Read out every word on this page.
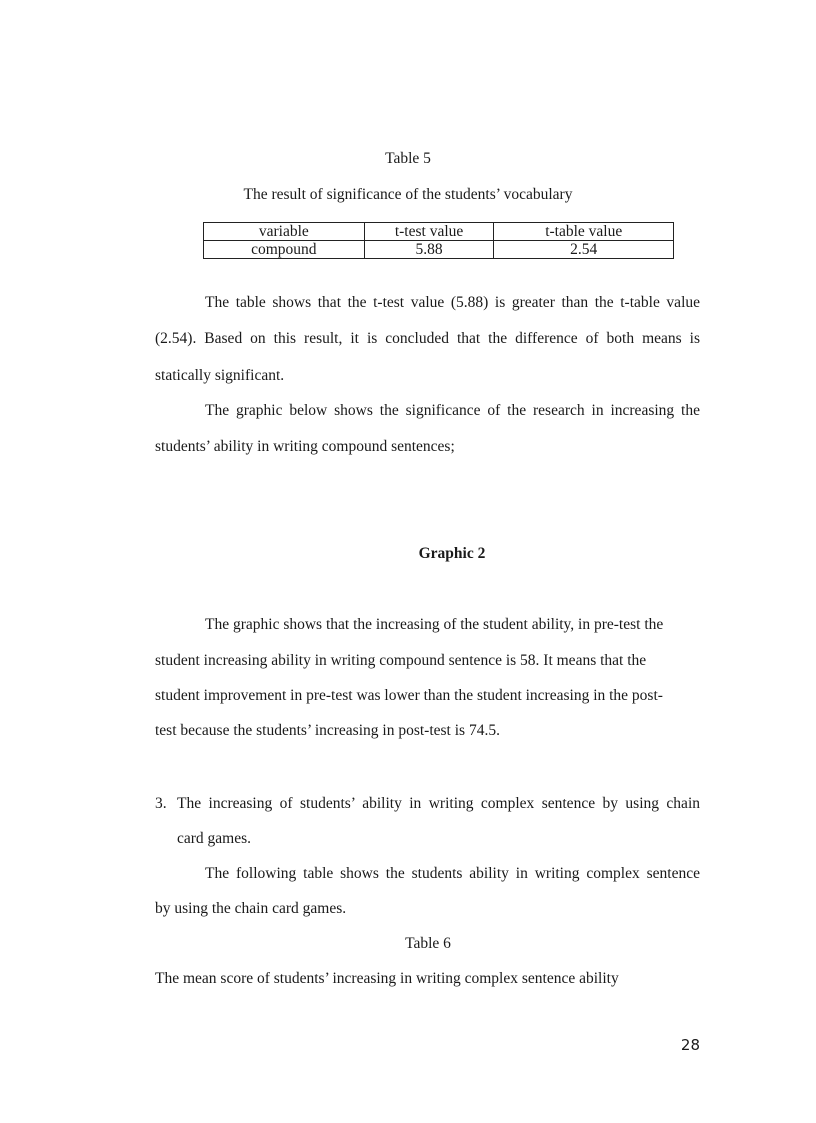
Table 5
The result of significance of the students’ vocabulary
variable	t-test value	t-table value
compound	5.88	2.54
The table shows that the t-test value (5.88) is greater than the t-table value
(2.54). Based on this result, it is concluded that the difference of both means is
statically significant.
The graphic below shows the significance of the research in increasing the
students’ ability in writing compound sentences;
Graphic 2
The graphic shows that the increasing of the student ability, in pre-test the
student increasing ability in writing compound sentence is 58. It means that the
student improvement in pre-test was lower than the student increasing in the post-
test because the students’ increasing in post-test is 74.5.
3. The increasing of students’ ability in writing complex sentence by using chain
card games.
The following table shows the students ability in writing complex sentence
by using the chain card games.
Table 6
The mean score of students’ increasing in writing complex sentence ability
28
